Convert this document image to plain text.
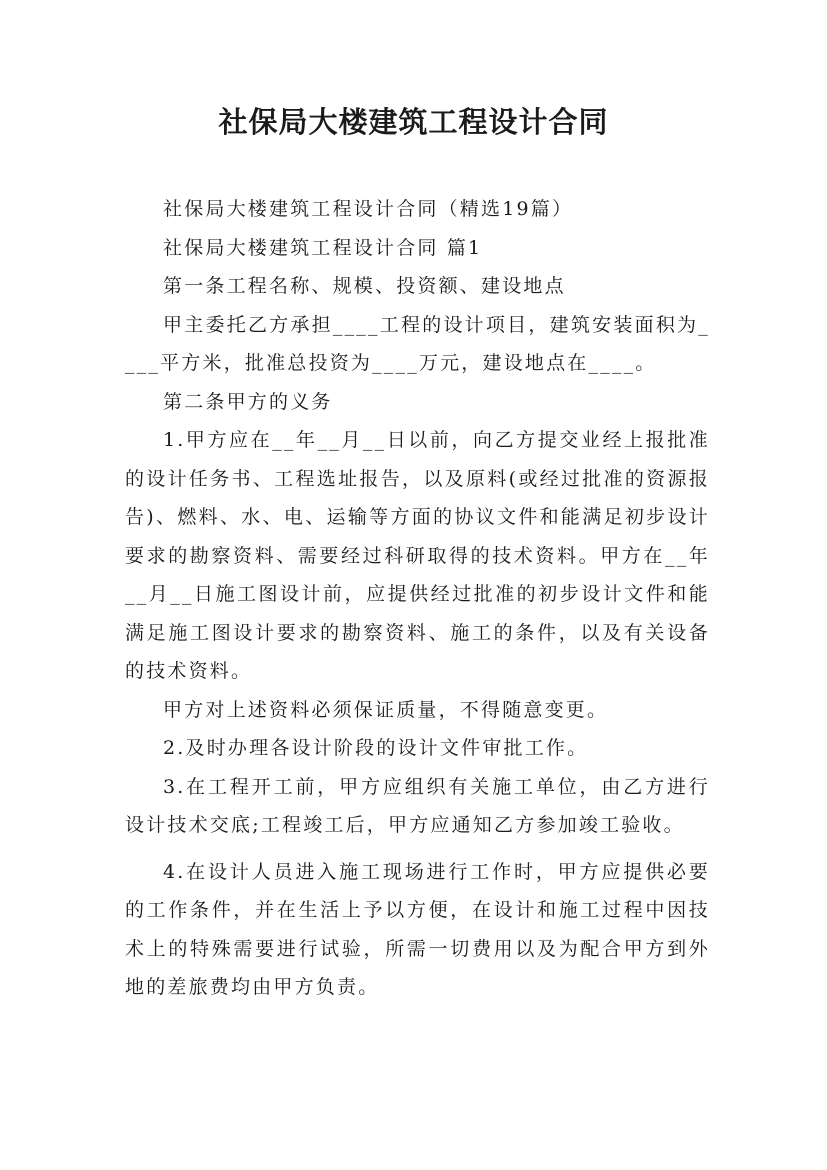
社保局大楼建筑工程设计合同

社保局大楼建筑工程设计合同（精选19篇）

社保局大楼建筑工程设计合同 篇1

第一条工程名称、规模、投资额、建设地点

甲主委托乙方承担____工程的设计项目，建筑安装面积为____平方米，批准总投资为____万元，建设地点在____。

第二条甲方的义务

1.甲方应在__年__月__日以前，向乙方提交业经上报批准的设计任务书、工程选址报告，以及原料(或经过批准的资源报告)、燃料、水、电、运输等方面的协议文件和能满足初步设计要求的勘察资料、需要经过科研取得的技术资料。甲方在__年__月__日施工图设计前，应提供经过批准的初步设计文件和能满足施工图设计要求的勘察资料、施工的条件，以及有关设备的技术资料。

甲方对上述资料必须保证质量，不得随意变更。

2.及时办理各设计阶段的设计文件审批工作。

3.在工程开工前，甲方应组织有关施工单位，由乙方进行设计技术交底;工程竣工后，甲方应通知乙方参加竣工验收。

4.在设计人员进入施工现场进行工作时，甲方应提供必要的工作条件，并在生活上予以方便，在设计和施工过程中因技术上的特殊需要进行试验，所需一切费用以及为配合甲方到外地的差旅费均由甲方负责。
